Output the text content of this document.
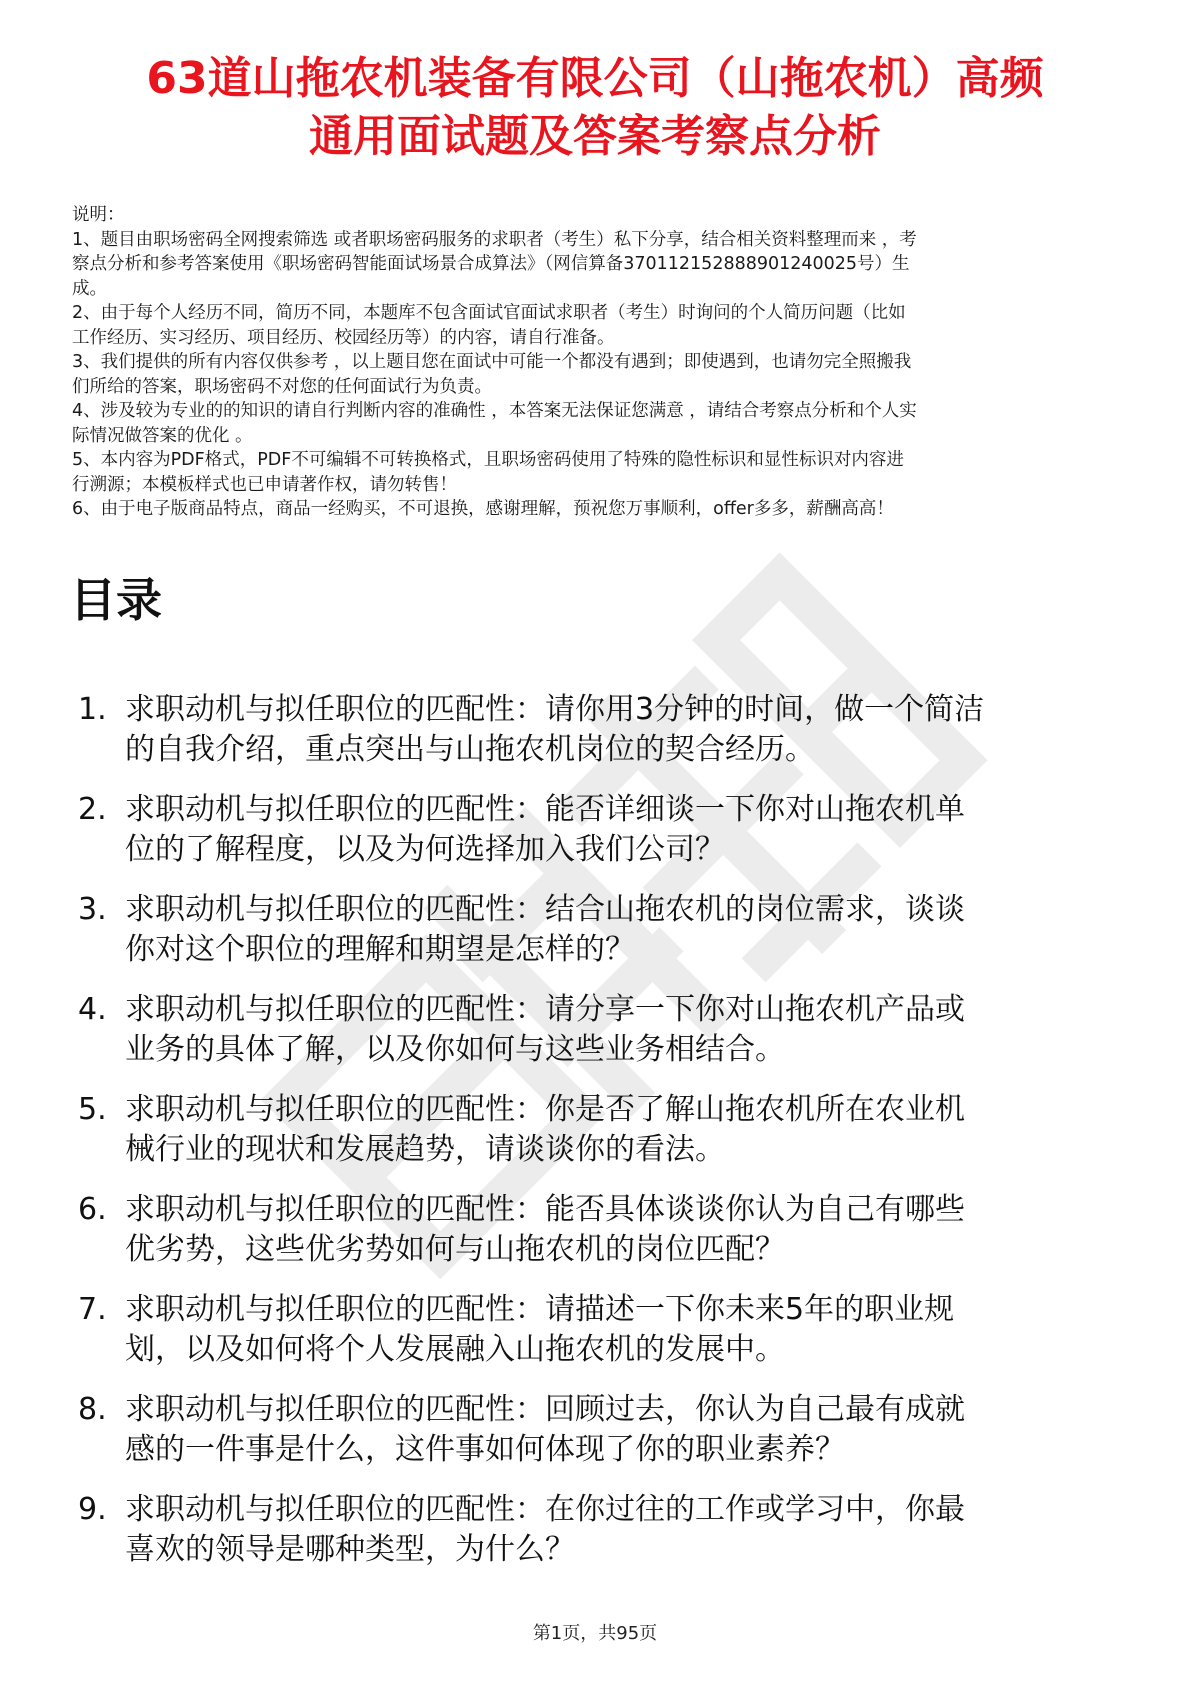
63道山拖农机装备有限公司（山拖农机）高频
通用面试题及答案考察点分析
说明：
1、题目由职场密码全网搜索筛选 或者职场密码服务的求职者（考生）私下分享，结合相关资料整理而来 ，考
察点分析和参考答案使用《职场密码智能面试场景合成算法》（网信算备370112152888901240025号）生
成。
2、由于每个人经历不同，简历不同，本题库不包含面试官面试求职者（考生）时询问的个人简历问题（比如
工作经历、实习经历、项目经历、校园经历等）的内容，请自行准备。
3、我们提供的所有内容仅供参考 ，以上题目您在面试中可能一个都没有遇到；即使遇到，也请勿完全照搬我
们所给的答案，职场密码不对您的任何面试行为负责。
4、涉及较为专业的的知识的请自行判断内容的准确性 ，本答案无法保证您满意 ，请结合考察点分析和个人实
际情况做答案的优化 。
5、本内容为PDF格式，PDF不可编辑不可转换格式，且职场密码使用了特殊的隐性标识和显性标识对内容进
行溯源；本模板样式也已申请著作权，请勿转售！
6、由于电子版商品特点，商品一经购买，不可退换，感谢理解，预祝您万事顺利，offer多多，薪酬高高！
目录
1. 求职动机与拟任职位的匹配性：请你用3分钟的时间，做一个简洁
的自我介绍，重点突出与山拖农机岗位的契合经历。
2. 求职动机与拟任职位的匹配性：能否详细谈一下你对山拖农机单
位的了解程度，以及为何选择加入我们公司？
3. 求职动机与拟任职位的匹配性：结合山拖农机的岗位需求，谈谈
你对这个职位的理解和期望是怎样的？
4. 求职动机与拟任职位的匹配性：请分享一下你对山拖农机产品或
业务的具体了解，以及你如何与这些业务相结合。
5. 求职动机与拟任职位的匹配性：你是否了解山拖农机所在农业机
械行业的现状和发展趋势，请谈谈你的看法。
6. 求职动机与拟任职位的匹配性：能否具体谈谈你认为自己有哪些
优劣势，这些优劣势如何与山拖农机的岗位匹配？
7. 求职动机与拟任职位的匹配性：请描述一下你未来5年的职业规
划，以及如何将个人发展融入山拖农机的发展中。
8. 求职动机与拟任职位的匹配性：回顾过去，你认为自己最有成就
感的一件事是什么，这件事如何体现了你的职业素养？
9. 求职动机与拟任职位的匹配性：在你过往的工作或学习中，你最
喜欢的领导是哪种类型，为什么？
第1页，共95页
